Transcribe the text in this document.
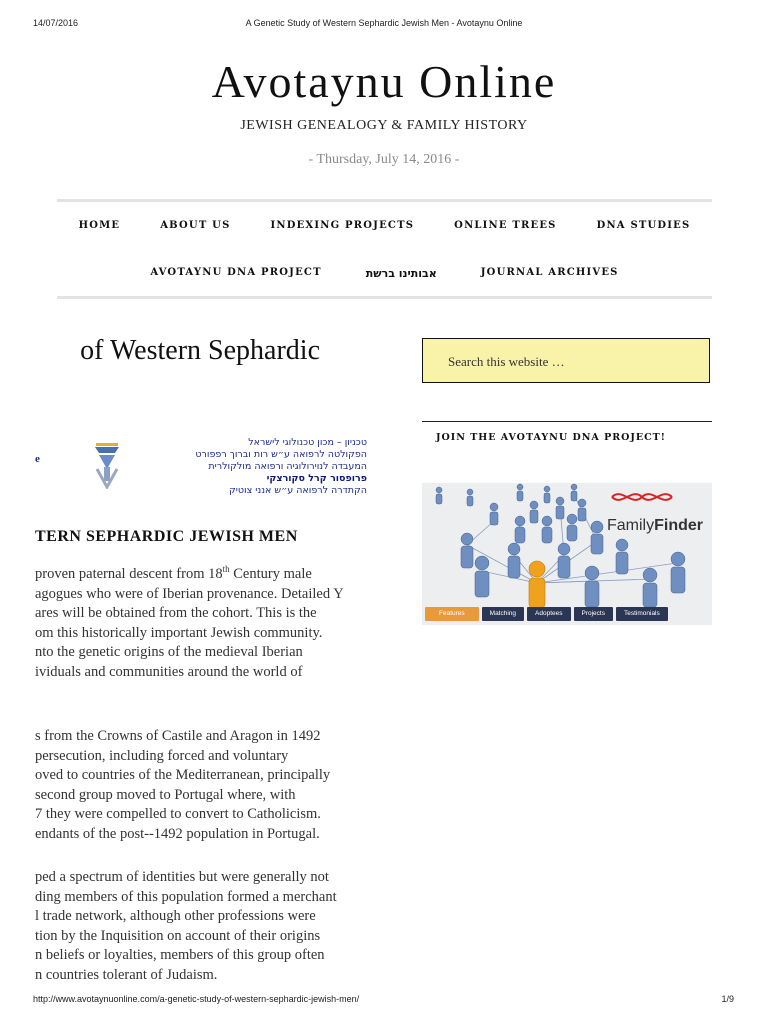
14/07/2016	A Genetic Study of Western Sephardic Jewish Men - Avotaynu Online
Avotaynu Online
JEWISH GENEALOGY & FAMILY HISTORY
- Thursday, July 14, 2016 -
HOME	ABOUT US	INDEXING PROJECTS	ONLINE TREES	DNA STUDIES
AVOTAYNU DNA PROJECT	אבותינו ברשת	JOURNAL ARCHIVES
of Western Sephardic
e
טכניון – מכון טכנולוגי לישראל
הפקולטה לרפואה ע״ש רות וברוך רפפורט
המעבדה לנוירולוגיה ורפואה מולקולרית
פרופסור קרל סקורצקי
הקתדרה לרפואה ע״ש אנני צוטיק
TERN SEPHARDIC JEWISH MEN
proven paternal descent from 18th Century male
agogues who were of Iberian provenance. Detailed Y
ares will be obtained from the cohort. This is the
om this historically important Jewish community.
nto the genetic origins of the medieval Iberian
ividuals and communities around the world of
s from the Crowns of Castile and Aragon in 1492
persecution, including forced and voluntary
oved to countries of the Mediterranean, principally
second group moved to Portugal where, with
7 they were compelled to convert to Catholicism.
endants of the post-‐1492 population in Portugal.
ped a spectrum of identities but were generally not
ding members of this population formed a merchant
l trade network, although other professions were
tion by the Inquisition on account of their origins
n beliefs or loyalties, members of this group often
n countries tolerant of Judaism.
Search this website …
JOIN THE AVOTAYNU DNA PROJECT!
FamilyFinder
Features	Matching	Adoptees	Projects	Testimonials
http://www.avotaynuonline.com/a-genetic-study-of-western-sephardic-jewish-men/	1/9
